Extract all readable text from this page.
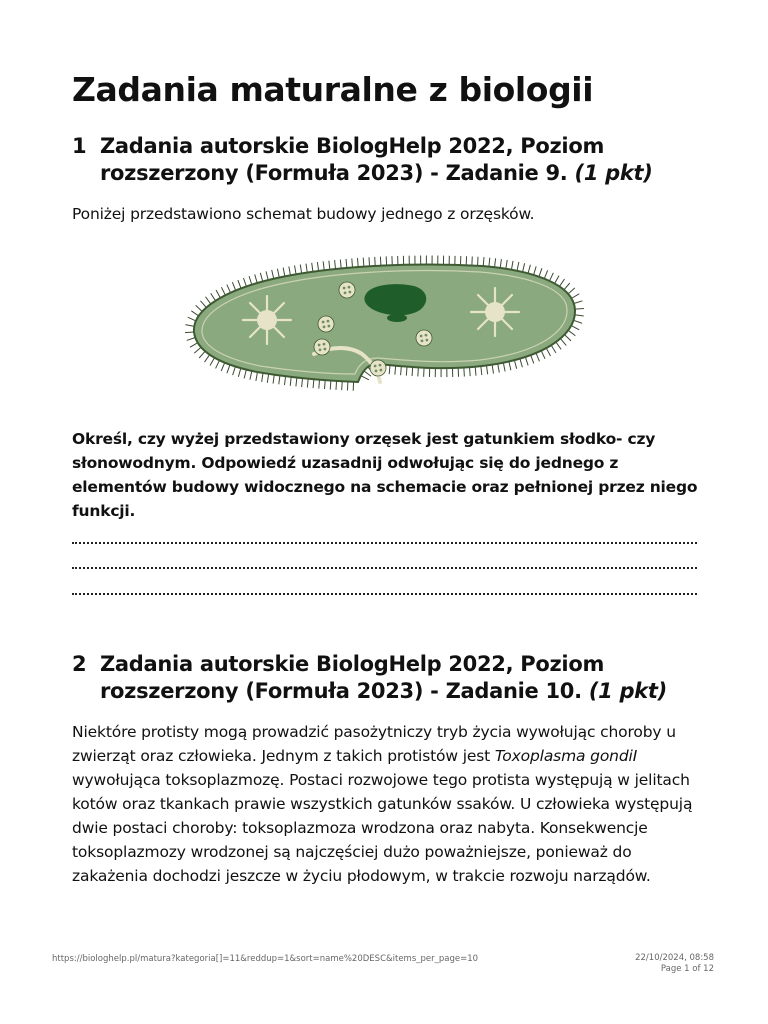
Zadania maturalne z biologii
1 Zadania autorskie BiologHelp 2022, Poziom rozszerzony (Formuła 2023) - Zadanie 9. (1 pkt)

Poniżej przedstawiono schemat budowy jednego z orzęsków.

Określ, czy wyżej przedstawiony orzęsek jest gatunkiem słodko- czy słonowodnym. Odpowiedź uzasadnij odwołując się do jednego z elementów budowy widocznego na schemacie oraz pełnionej przez niego funkcji.

2 Zadania autorskie BiologHelp 2022, Poziom rozszerzony (Formuła 2023) - Zadanie 10. (1 pkt)

Niektóre protisty mogą prowadzić pasożytniczy tryb życia wywołując choroby u zwierząt oraz człowieka. Jednym z takich protistów jest Toxoplasma gondiI wywołująca toksoplazmozę. Postaci rozwojowe tego protista występują w jelitach kotów oraz tkankach prawie wszystkich gatunków ssaków. U człowieka występują dwie postaci choroby: toksoplazmoza wrodzona oraz nabyta. Konsekwencje toksoplazmozy wrodzonej są najczęściej dużo poważniejsze, ponieważ do zakażenia dochodzi jeszcze w życiu płodowym, w trakcie rozwoju narządów.

https://biologhelp.pl/matura?kategoria[]=11&reddup=1&sort=name%20DESC&items_per_page=10	22/10/2024, 08:58
Page 1 of 12
